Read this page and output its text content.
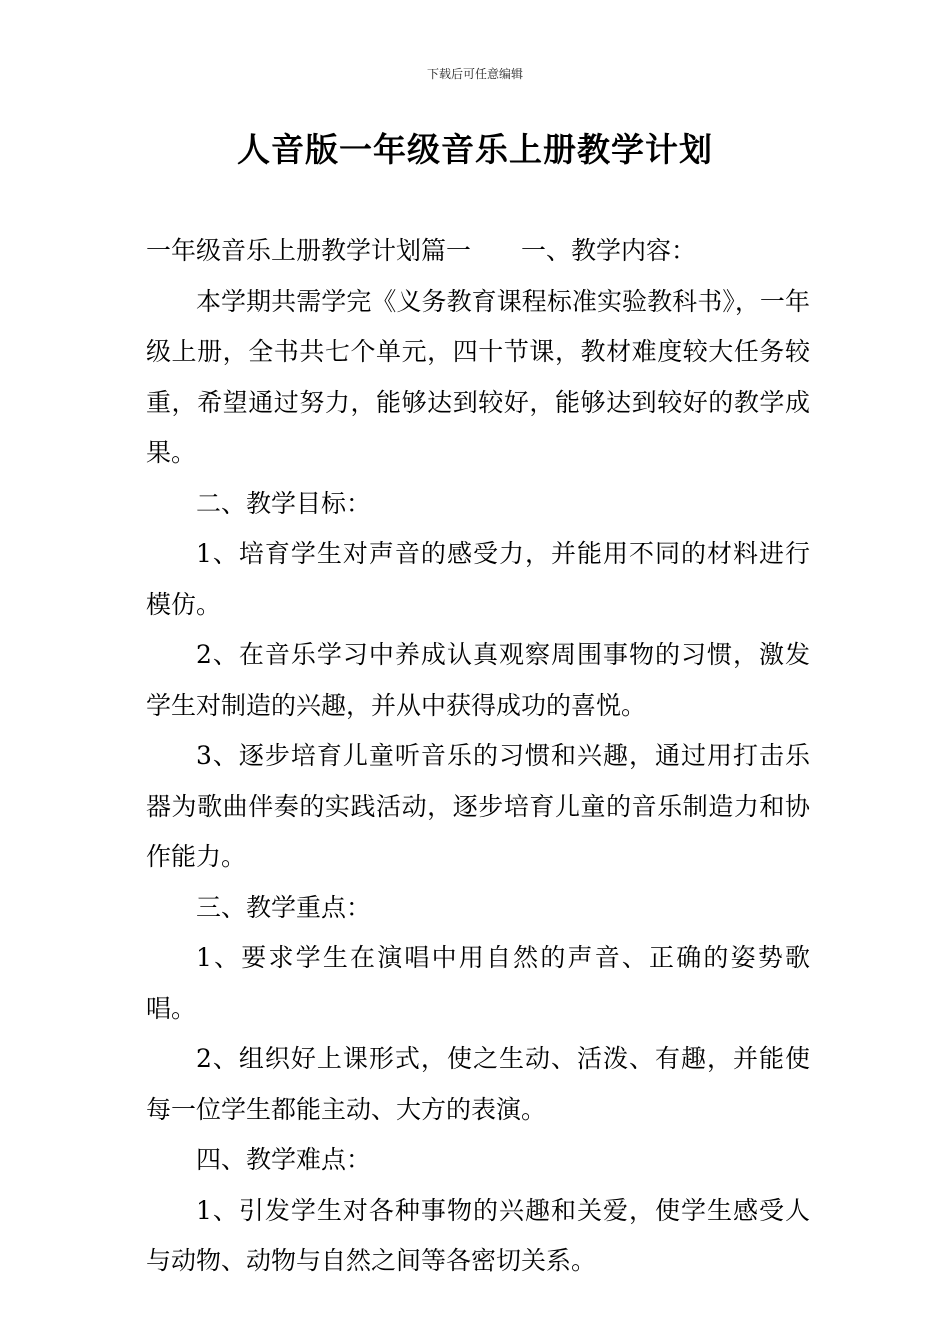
下载后可任意编辑
人音版一年级音乐上册教学计划

一年级音乐上册教学计划篇一 一、教学内容：

本学期共需学完《义务教育课程标准实验教科书》，一年级上册，全书共七个单元，四十节课，教材难度较大任务较重，希望通过努力，能够达到较好，能够达到较好的教学成果。

二、教学目标：

1、培育学生对声音的感受力，并能用不同的材料进行模仿。

2、在音乐学习中养成认真观察周围事物的习惯，激发学生对制造的兴趣，并从中获得成功的喜悦。

3、逐步培育儿童听音乐的习惯和兴趣，通过用打击乐器为歌曲伴奏的实践活动，逐步培育儿童的音乐制造力和协作能力。

三、教学重点：

1、要求学生在演唱中用自然的声音、正确的姿势歌唱。

2、组织好上课形式，使之生动、活泼、有趣，并能使每一位学生都能主动、大方的表演。

四、教学难点：

1、引发学生对各种事物的兴趣和关爱，使学生感受人与动物、动物与自然之间等各密切关系。
